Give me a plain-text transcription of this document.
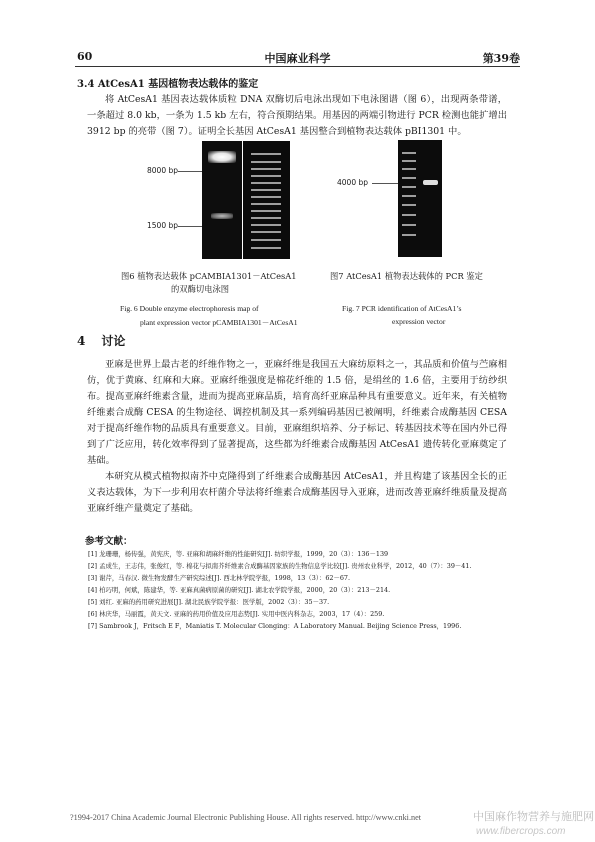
60	中国麻业科学	第39卷
3.4 AtCesA1 基因植物表达载体的鉴定

将 AtCesA1 基因表达载体质粒 DNA 双酶切后电泳出现如下电泳图谱（图 6），出现两条带谱，一条超过 8.0 kb，一条为 1.5 kb 左右，符合预期结果。用基因的两端引物进行 PCR 检测也能扩增出 3912 bp 的亮带（图 7）。证明全长基因 AtCesA1 基因整合到植物表达载体 pBI1301 中。

8000 bp
1500 bp
4000 bp
图6 植物表达载体 pCAMBIA1301－AtCesA1
的双酶切电泳图
Fig. 6 Double enzyme electrophoresis map of
plant expression vector pCAMBIA1301－AtCesA1
图7 AtCesA1 植物表达载体的 PCR 鉴定
Fig. 7 PCR identification of AtCesA1’s
expression vector
4 讨论

亚麻是世界上最古老的纤维作物之一，亚麻纤维是我国五大麻纺原料之一，其品质和价值与苎麻相仿，优于黄麻、红麻和大麻。亚麻纤维强度是棉花纤维的 1.5 倍，是绢丝的 1.6 倍，主要用于纺纱织布。提高亚麻纤维素含量，进而为提高亚麻品质，培育高纤亚麻品种具有重要意义。近年来，有关植物纤维素合成酶 CESA 的生物途径、调控机制及其一系列编码基因已被阐明，纤维素合成酶基因 CESA 对于提高纤维作物的品质具有重要意义。目前，亚麻组织培养、分子标记、转基因技术等在国内外已得到了广泛应用，转化效率得到了显著提高，这些都为纤维素合成酶基因 AtCesA1 遗传转化亚麻奠定了基础。

本研究从模式植物拟南芥中克隆得到了纤维素合成酶基因 AtCesA1，并且构建了该基因全长的正义表达载体，为下一步利用农杆菌介导法将纤维素合成酶基因导入亚麻，进而改善亚麻纤维质量及提高亚麻纤维产量奠定了基础。

参考文献：
[1] 龙珊珊，杨传强，黄宪庆，等. 亚麻和胡麻纤维的性能研究[J]. 纺织学报，1999，20（3）：136－139
[2] 孟成生，王志伟，张俊红，等. 棉花与拟南芥纤维素合成酶基因家族的生物信息学比较[J]. 贵州农业科学，2012，40（7）：39－41.
[3] 谢芹，马春汉. 微生物发酵生产研究综述[J]. 西北林学院学报，1998，13（3）：62－67.
[4] 柏巧明，何斌，陈建华，等. 亚麻真菌病原菌的研究[J]. 湖北农学院学报，2000，20（3）：213－214.
[5] 刘红. 亚麻的药用研究进展[J]. 湖北民族学院学报：医学版，2002（3）：35－37.
[6] 林庆华，马丽霞，黄天文. 亚麻的药用价值及应用态势[J]. 实用中医内科杂志，2003，17（4）：259.
[7] Sambrook J，Fritsch E F，Maniatis T. Molecular Clonging：A Laboratory Manual. Beijing Science Press，1996.
?1994-2017 China Academic Journal Electronic Publishing House. All rights reserved. http://www.cnki.net	中国麻作物营养与施肥网
www.fibercrops.com
